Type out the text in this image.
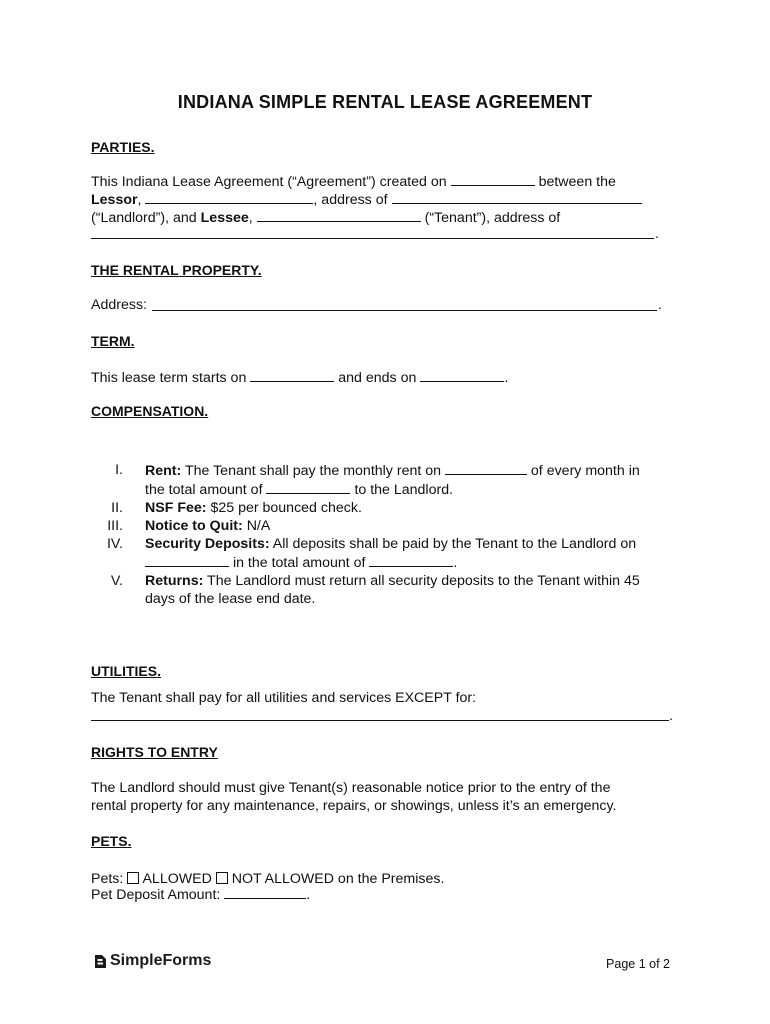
INDIANA SIMPLE RENTAL LEASE AGREEMENT
PARTIES.
This Indiana Lease Agreement (“Agreement”) created on	between the
Lessor,	, address of
(“Landlord”), and Lessee,	(“Tenant”), address of
.
THE RENTAL PROPERTY.
Address:	.
TERM.
This lease term starts on	and ends on	.
COMPENSATION.
I. Rent: The Tenant shall pay the monthly rent on	of every month in
the total amount of	to the Landlord.
II. NSF Fee: $25 per bounced check.
III. Notice to Quit: N/A
IV. Security Deposits: All deposits shall be paid by the Tenant to the Landlord on
in the total amount of	.
V. Returns: The Landlord must return all security deposits to the Tenant within 45
days of the lease end date.
UTILITIES.
The Tenant shall pay for all utilities and services EXCEPT for:
.
RIGHTS TO ENTRY
The Landlord should must give Tenant(s) reasonable notice prior to the entry of the
rental property for any maintenance, repairs, or showings, unless it’s an emergency.
PETS.
Pets: ALLOWED NOT ALLOWED on the Premises.
Pet Deposit Amount:	.
SimpleForms	Page 1 of 2
